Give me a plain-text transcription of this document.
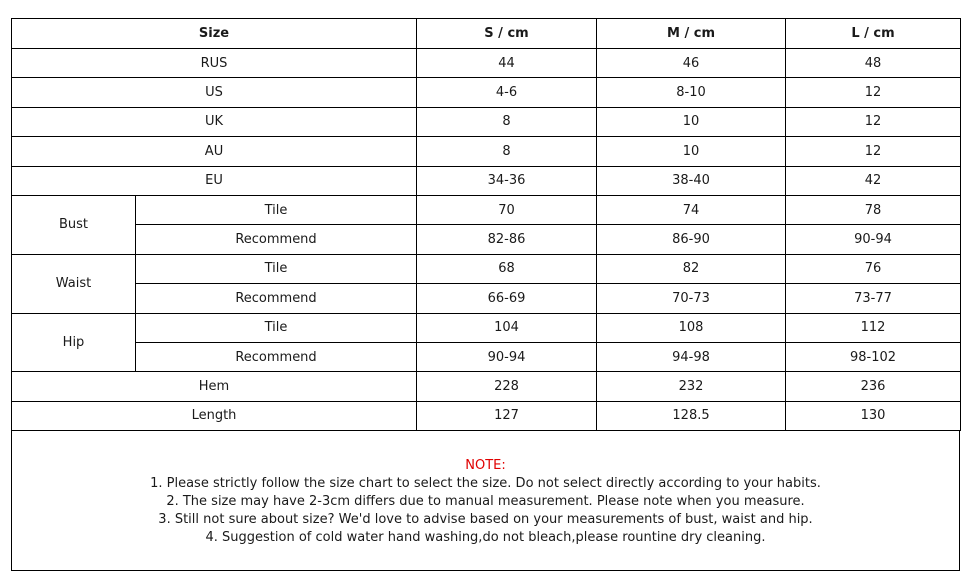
Size		S / cm	M / cm	L / cm
RUS		44	46	48
US		4-6	8-10	12
UK		8	10	12
AU		8	10	12
EU		34-36	38-40	42
Bust	Tile	70	74	78
	Recommend	82-86	86-90	90-94
Waist	Tile	68	82	76
	Recommend	66-69	70-73	73-77
Hip	Tile	104	108	112
	Recommend	90-94	94-98	98-102
Hem		228	232	236
Length		127	128.5	130
NOTE:
1. Please strictly follow the size chart to select the size. Do not select directly according to your habits.
2. The size may have 2-3cm differs due to manual measurement. Please note when you measure.
3. Still not sure about size? We'd love to advise based on your measurements of bust, waist and hip.
4. Suggestion of cold water hand washing,do not bleach,please rountine dry cleaning.
